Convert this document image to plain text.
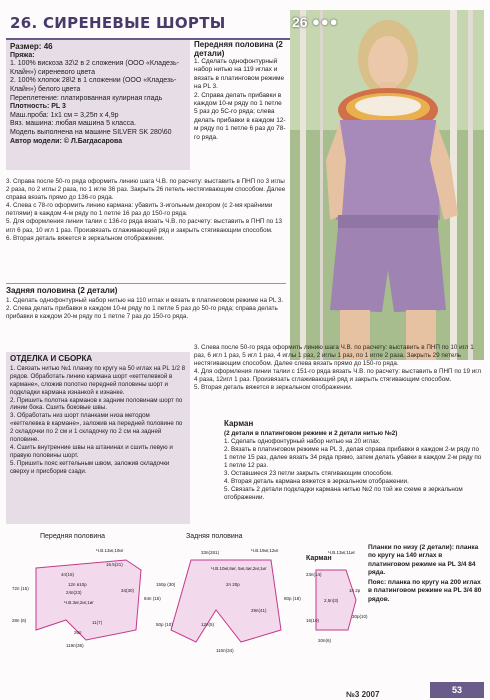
26. СИРЕНЕВЫЕ ШОРТЫ	26 ●●●

Размер: 46

Пряжа:

1. 100% вискоза 32\2 в 2 сложения (ООО «Кладезь-Клайн») сиреневого цвета

2. 100% хлопок 28\2 в 1 сложении (ООО «Кладезь-Клайн») белого цвета

Переплетение: платированная кулирная гладь

Плотность: PL 3

Маш.проба: 1х1 см = 3,25п х 4,9р

Вяз. машина: любая машина 5 класса.

Модель выполнена на машине SILVER SK 280\60

Автор модели: © Л.Багдасарова

Передняя половина (2 детали)

1. Сделать однофонтурный набор нитью на 119 иглах и вязать в платинговом режиме на PL 3.

2. Справа делать прибавки в каждом 10-м ряду по 1 петле 5 раз до 5С-го ряда; слева делать прибавки в каждом 12-м ряду по 1 петле 6 раз до 78-го ряда.

3. Справа после 50-го ряда оформить линию шага Ч.В. по расчету: выставить в ПНП по 3 иглы 2 раза, по 2 иглы 2 раза, по 1 игле 36 раз. Закрыть 26 петель нестягивающим способом. Далее справа вязать прямо до 136-го ряда.

4. Слева с 78-го оформить линию кармана: убавить 3-игольным декором (с 2-мя крайними петлями) в каждом 4-м ряду по 1 петле 16 раз до 150-го ряда.

5. Для оформления линии талии с 136-го ряда вязать Ч.В. по расчету: выставить в ПНП по 13 игл 6 раз, 10 игл 1 раз. Произвязать сглаживающий ряд и закрыть стягивающим способом.

6. Вторая деталь вяжется в зеркальном отображении.

Задняя половина (2 детали)

1. Сделать однофонтурный набор нитью на 110 иглах и вязать в платинговом режиме на PL 3.

2. Слева делать прибавки в каждом 10-м ряду по 1 петле 5 раз до 50-го ряда; справа делать прибавки в каждом 20-м ряду по 1 петле 7 раз до 150-го ряда.

3. Слева после 50-го ряда оформить линию шага Ч.В. по расчету: выставить в ПНП по 10 игл 1 раз, 6 игл 1 раз, 5 игл 1 раз, 4 иглы 1 раз, 2 иглы 1 раз, по 1 игле 2 раза. Закрыть 29 петель нестягивающим способом. Далее слева вязать прямо до 150-го ряда.

4. Для оформления линии талии с 151-го ряда вязать Ч.В. по расчету: выставить в ПНП по 19 игл 4 раза, 12игл 1 раз. Произвязать сглаживающий ряд и закрыть стягивающим способом.

5. Вторая деталь вяжется в зеркальном отображении.

ОТДЕЛКА И СБОРКА

1. Связать нитью №1 планку по кругу на 50 иглах на PL 1/2 8 рядов. Обработать линию кармана шорт «кеттелевкой в кармане», сложив полотно передней половины шорт и подкладки кармана изнанкой к изнанке.

2. Пришить полотна карманов к задним половинам шорт по линии бока. Сшить боковые швы.

3. Обработать низ шорт планками низа методом «кеттелевка в кармане», заложив на передней половине по 2 складочки по 2 см и 1 складочку по 2 см на задней половине.

4. Сшить внутренние швы на штанинах и сшить левую и правую половины шорт.

5. Пришить пояс кеттельным швом, заложив складочки сверху и присборив сзади.

Карман

(2 детали в платинговом режиме и 2 детали нитью №2)

1. Сделать однофонтурный набор нитью на 20 иглах.

2. Вязать в платинговом режиме на PL 3, делая справа прибавки в каждом 2-м ряду по 1 петле 15 раз, далее вязать 34 ряда прямо, затем делать убавки в каждом 2-м ряду по 1 петле 12 раз.

3. Оставшиеся 23 петли закрыть стягивающим способом.

4. Вторая деталь кармана вяжется в зеркальном отображении.

5. Связать 2 детали подкладки кармана нитью №2 по той же схеме в зеркальном отображении.

Передняя половина	Задняя половина
Карман
Ч.В.13иг,10иг
16.5(21)
4п(15)
24п(23)	34(30)
12п в10р
Ч.В.3иг,2иг,1иг
11(7)
26п
119п(36)
72п (15)
28п (6)
84п (15)
33п(281)	Ч.В.19иг,12иг
Ч.В.10иг,6иг, 5иг,4иг,2иг,1иг
2п 20р
80р (18)
29п(41)
12п(5)
110п(34)
150р (30)
50р (10)
Ч.В.13иг,11иг
23п(14)
2,5п(3)
1п 2р
30р(10)
20п(6)
16(10)

Планки по низу (2 детали): планка по кругу на 140 иглах в платинговом режиме на PL 3/4 84 ряда.

Пояс: планка по кругу на 200 иглах в платинговом режиме на PL 3/4 80 рядов.

№3 2007	53
